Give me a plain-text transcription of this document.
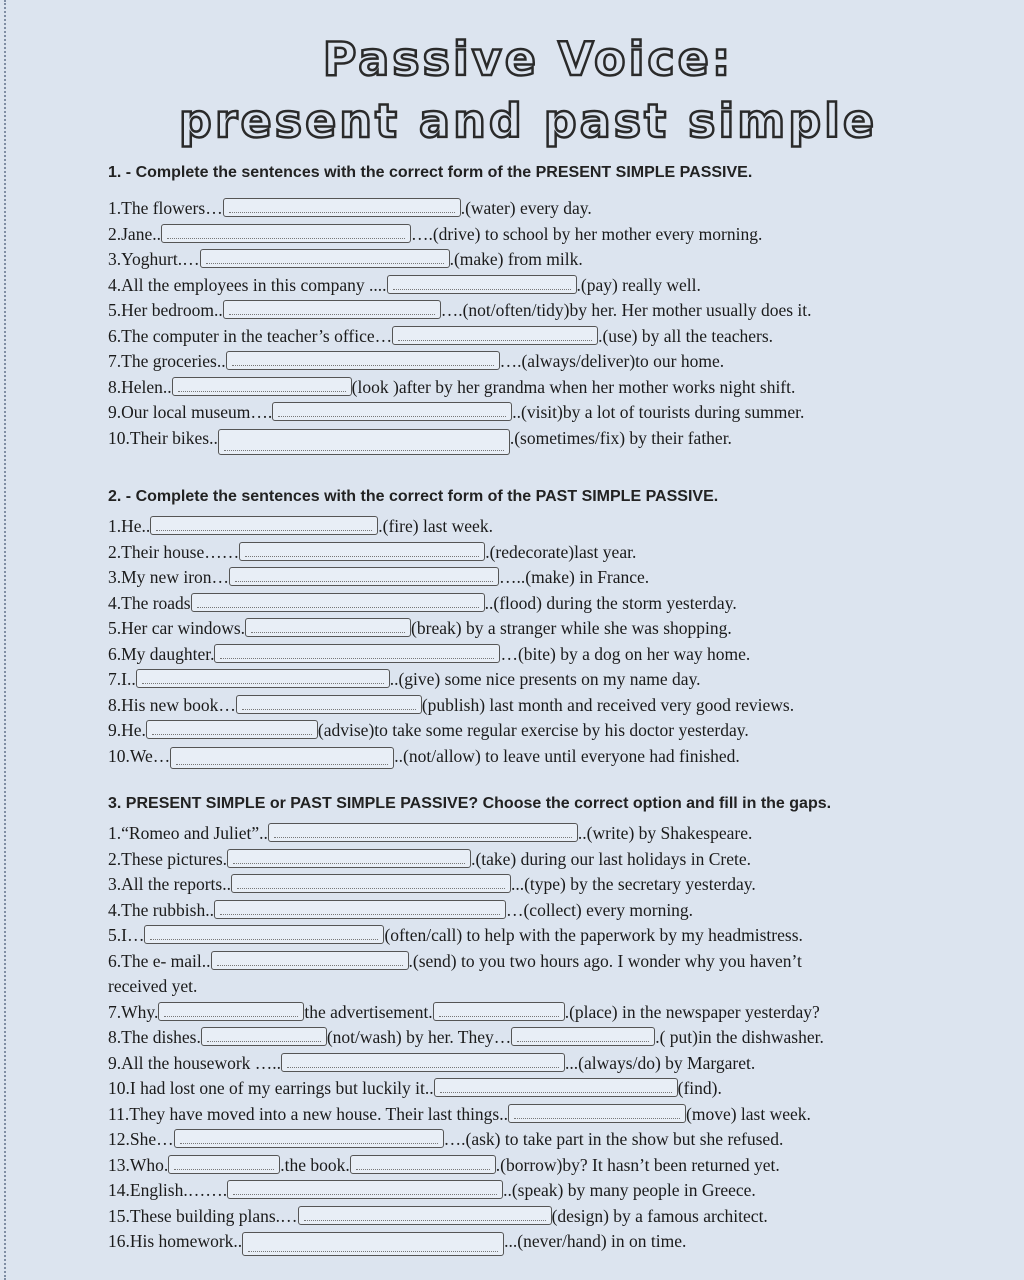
Passive Voice:
present and past simple
1. - Complete the sentences with the correct form of the PRESENT SIMPLE PASSIVE.
1.The flowers…	.(water) every day.
2.Jane..	….(drive) to school by her mother every morning.
3.Yoghurt.…	.(make) from milk.
4.All the employees in this company ....	.(pay) really well.
5.Her bedroom..	….(not/often/tidy)by her. Her mother usually does it.
6.The computer in the teacher’s office…	.(use) by all the teachers.
7.The groceries..	….(always/deliver)to our home.
8.Helen..	(look )after by her grandma when her mother works night shift.
9.Our local museum….	..(visit)by a lot of tourists during summer.
10.Their bikes..	.(sometimes/fix) by their father.
2. - Complete the sentences with the correct form of the PAST SIMPLE PASSIVE.
1.He..	.(fire) last week.
2.Their house……	.(redecorate)last year.
3.My new iron…	…..(make) in France.
4.The roads	..(flood) during the storm yesterday.
5.Her car windows.	(break) by a stranger while she was shopping.
6.My daughter.	…(bite) by a dog on her way home.
7.I..	..(give) some nice presents on my name day.
8.His new book…	(publish) last month and received very good reviews.
9.He.	(advise)to take some regular exercise by his doctor yesterday.
10.We…	..(not/allow) to leave until everyone had finished.
3. PRESENT SIMPLE or PAST SIMPLE PASSIVE? Choose the correct option and fill in the gaps.
1.“Romeo and Juliet”..	..(write) by Shakespeare.
2.These pictures.	.(take) during our last holidays in Crete.
3.All the reports..	...(type) by the secretary yesterday.
4.The rubbish..	…(collect) every morning.
5.I…	(often/call) to help with the paperwork by my headmistress.
6.The e- mail..	.(send) to you two hours ago. I wonder why you haven’t
received yet.
7.Why.	the advertisement.	.(place) in the newspaper yesterday?
8.The dishes.	(not/wash) by her. They…	.( put)in the dishwasher.
9.All the housework …..	...(always/do) by Margaret.
10.I had lost one of my earrings but luckily it..	(find).
11.They have moved into a new house. Their last things..	(move) last week.
12.She…	….(ask) to take part in the show but she refused.
13.Who.	.the book.	.(borrow)by? It hasn’t been returned yet.
14.English.…….	..(speak) by many people in Greece.
15.These building plans.…	(design) by a famous architect.
16.His homework..	...(never/hand) in on time.
